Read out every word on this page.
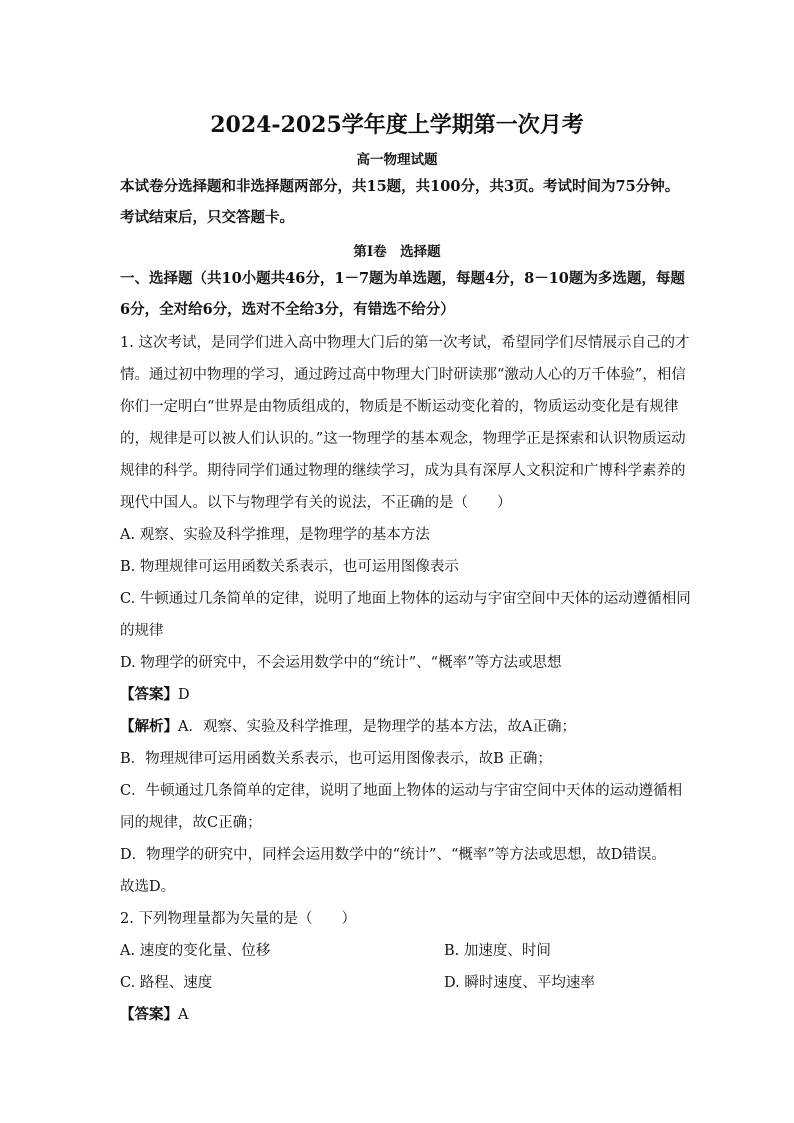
2024-2025学年度上学期第一次月考
高一物理试题
本试卷分选择题和非选择题两部分，共15题，共100分，共3页。考试时间为75分钟。
考试结束后，只交答题卡。
第Ⅰ卷　选择题
一、选择题（共10小题共46分，1－7题为单选题，每题4分，8－10题为多选题，每题
6分，全对给6分，选对不全给3分，有错选不给分）
1. 这次考试，是同学们进入高中物理大门后的第一次考试，希望同学们尽情展示自己的才
情。通过初中物理的学习，通过跨过高中物理大门时研读那“激动人心的万千体验”，相信
你们一定明白“世界是由物质组成的，物质是不断运动变化着的，物质运动变化是有规律
的，规律是可以被人们认识的。”这一物理学的基本观念，物理学正是探索和认识物质运动
规律的科学。期待同学们通过物理的继续学习，成为具有深厚人文积淀和广博科学素养的
现代中国人。以下与物理学有关的说法，不正确的是（　　）
A. 观察、实验及科学推理，是物理学的基本方法
B. 物理规律可运用函数关系表示，也可运用图像表示
C. 牛顿通过几条简单的定律，说明了地面上物体的运动与宇宙空间中天体的运动遵循相同
的规律
D. 物理学的研究中，不会运用数学中的“统计”、“概率”等方法或思想
【答案】D
【解析】A．观察、实验及科学推理，是物理学的基本方法，故A正确；
B．物理规律可运用函数关系表示，也可运用图像表示，故B 正确；
C．牛顿通过几条简单的定律，说明了地面上物体的运动与宇宙空间中天体的运动遵循相
同的规律，故C正确；
D．物理学的研究中，同样会运用数学中的“统计”、“概率”等方法或思想，故D错误。
故选D。
2. 下列物理量都为矢量的是（　　）
A. 速度的变化量、位移	B. 加速度、时间
C. 路程、速度	D. 瞬时速度、平均速率
【答案】A
